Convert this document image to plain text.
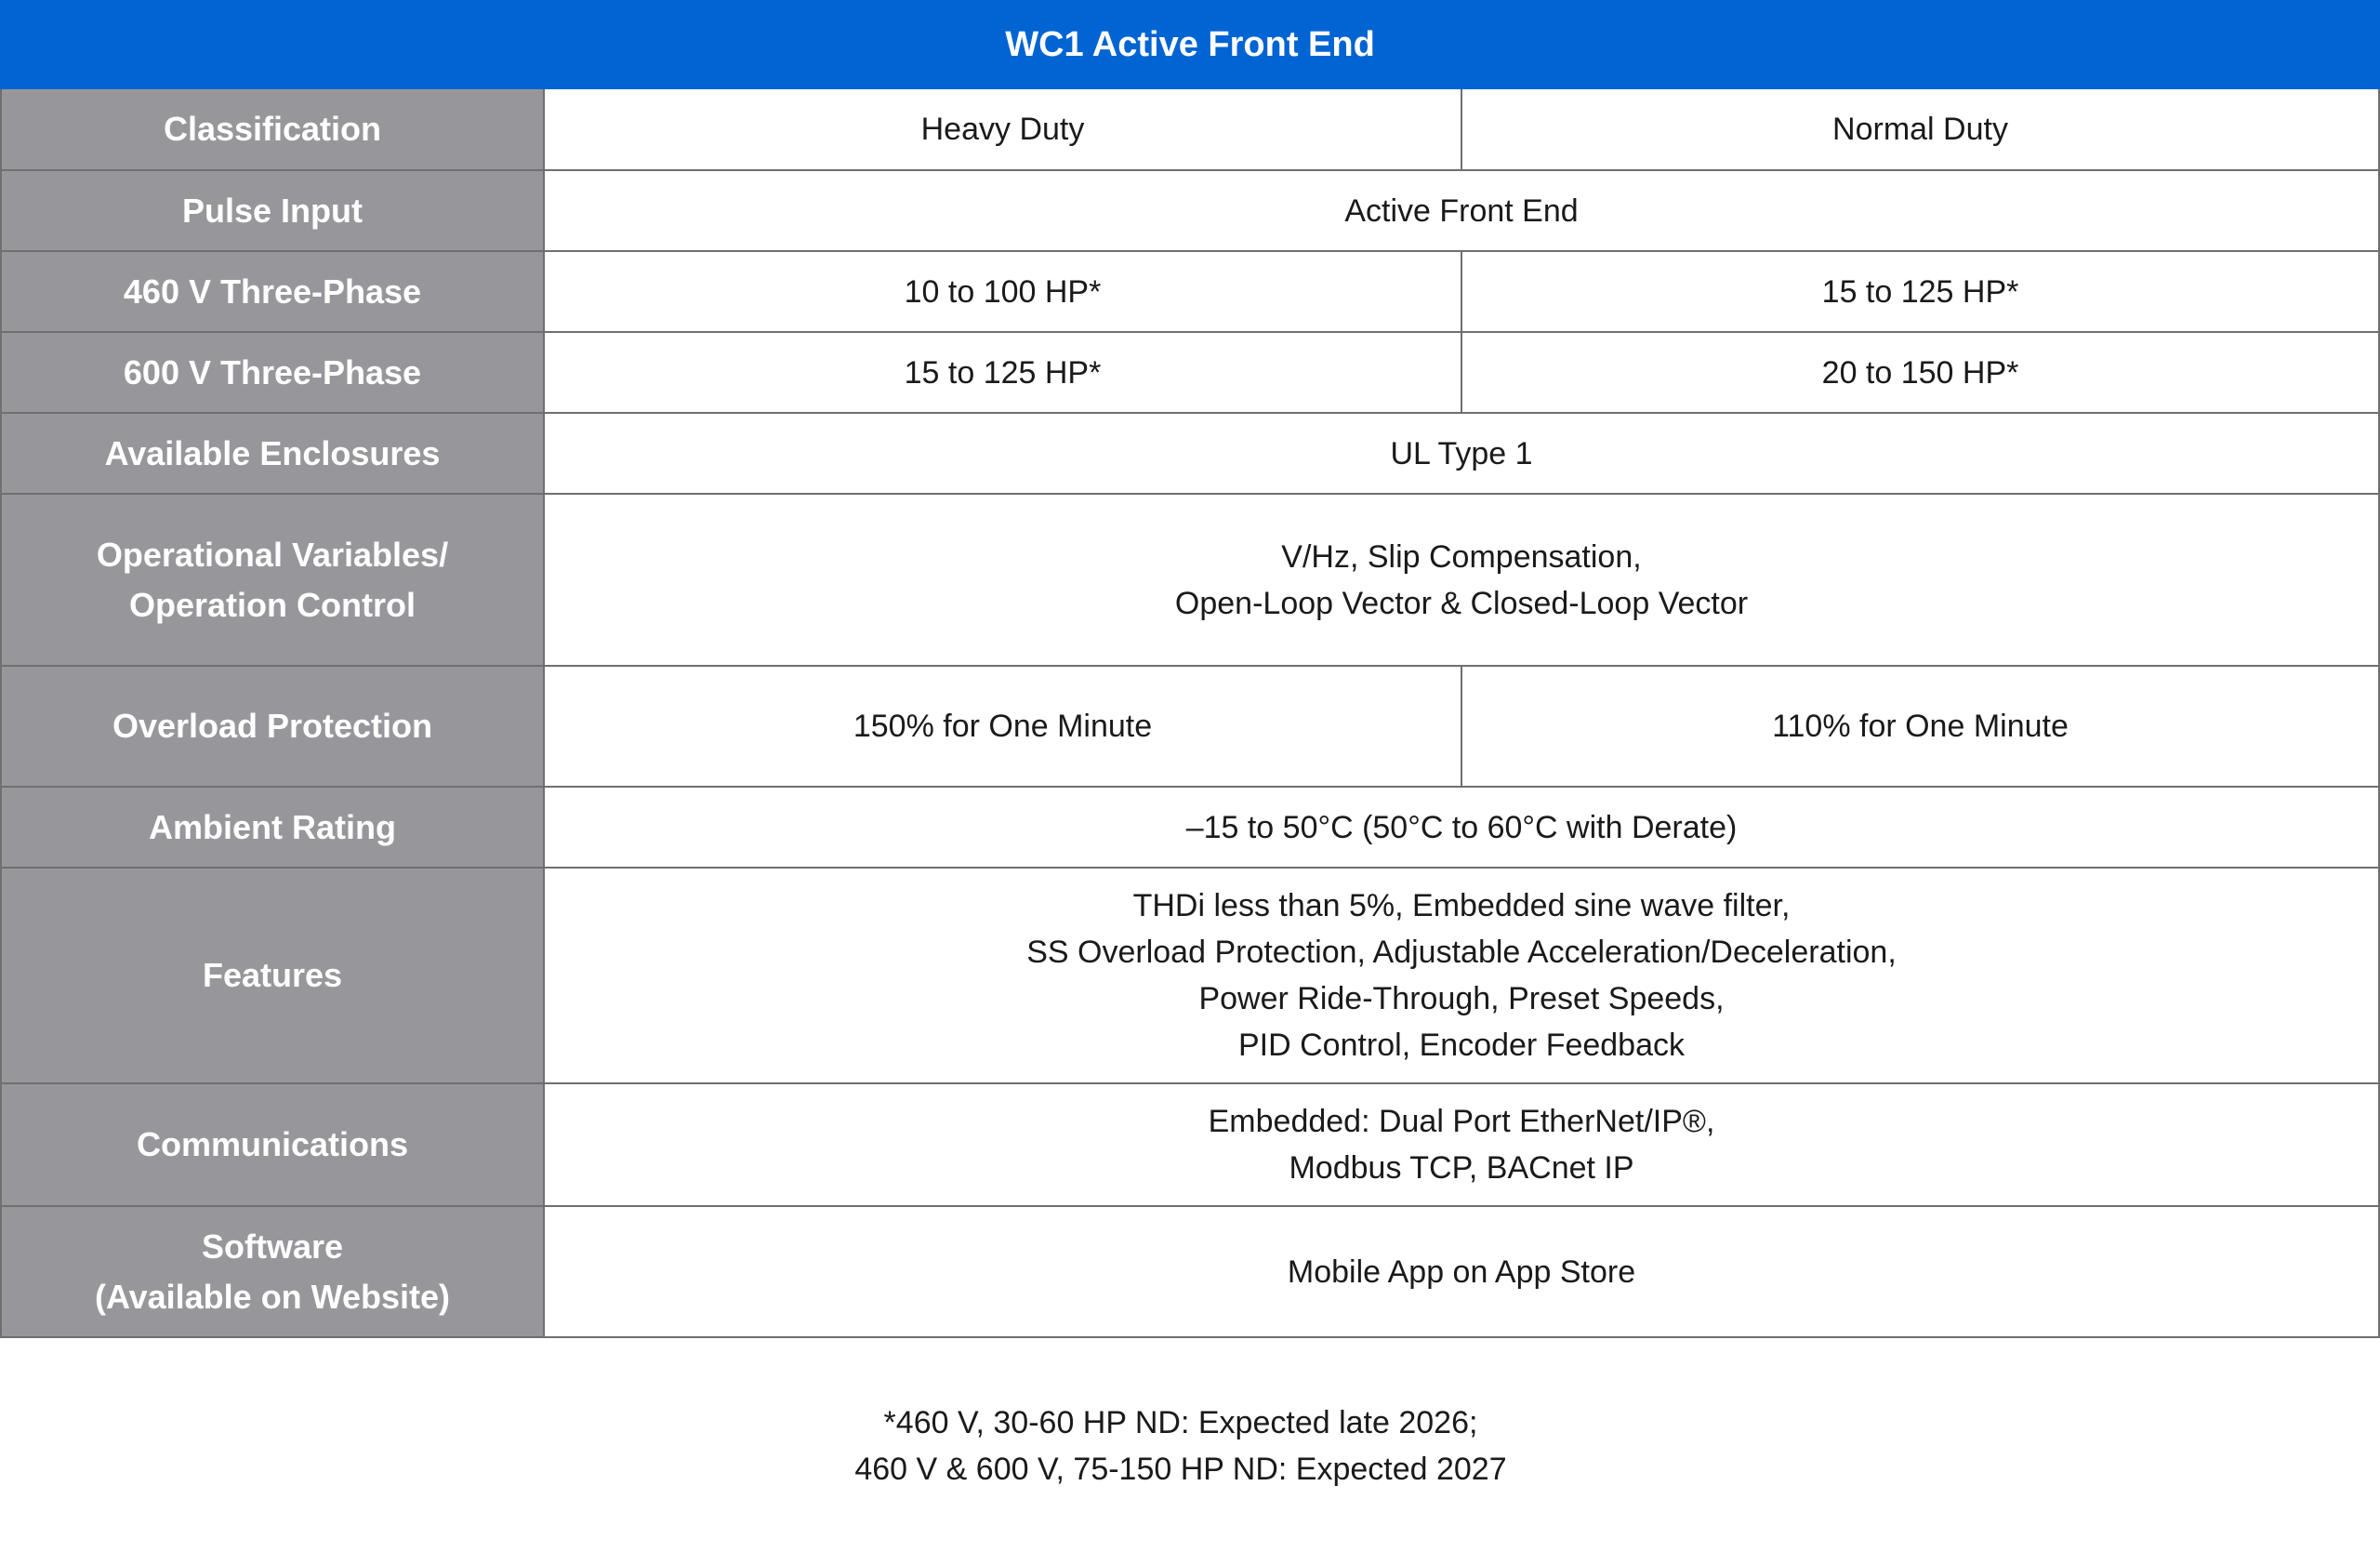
WC1 Active Front End		
Classification	Heavy Duty	Normal Duty
Pulse Input	Active Front End	
460 V Three-Phase	10 to 100 HP*	15 to 125 HP*
600 V Three-Phase	15 to 125 HP*	20 to 150 HP*
Available Enclosures	UL Type 1	

Operational Variables/
Operation Control	V/Hz, Slip Compensation,
Open-Loop Vector & Closed-Loop Vector	

Overload Protection	150% for One Minute	110% for One Minute
Ambient Rating	–15 to 50°C (50°C to 60°C with Derate)	
Features	THDi less than 5%, Embedded sine wave filter,
SS Overload Protection, Adjustable Acceleration/Deceleration,
Power Ride-Through, Preset Speeds,
PID Control, Encoder Feedback	

Communications	Embedded: Dual Port EtherNet/IP®,
Modbus TCP, BACnet IP	

Software
(Available on Website)	Mobile App on App Store	
*460 V, 30-60 HP ND: Expected late 2026;
460 V & 600 V, 75-150 HP ND: Expected 2027
